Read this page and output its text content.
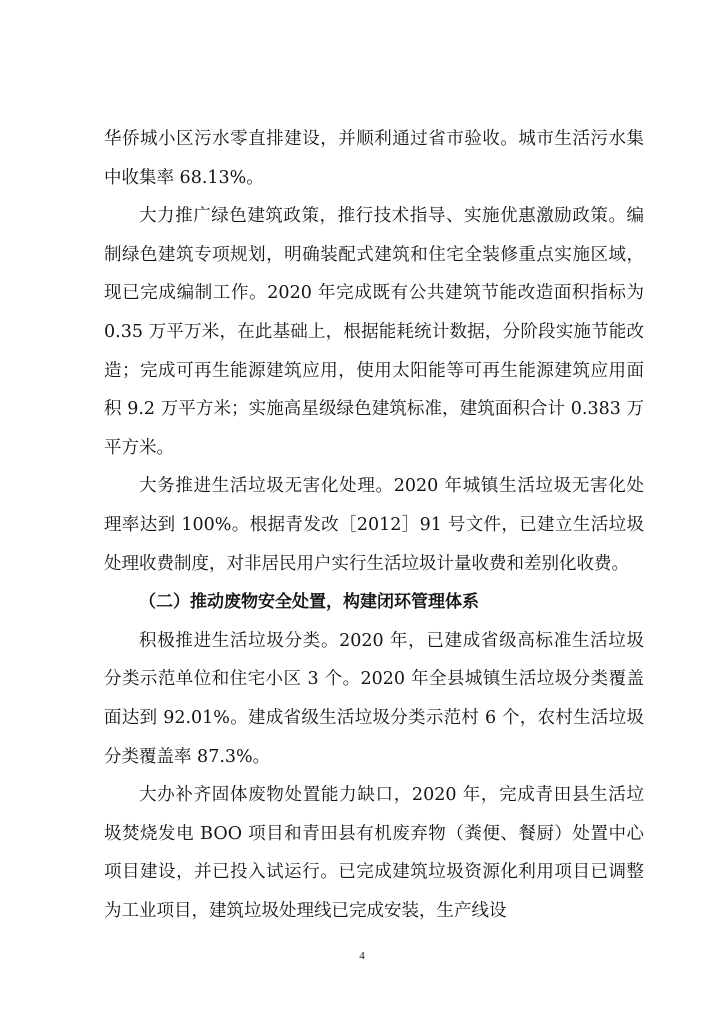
华侨城小区污水零直排建设，并顺利通过省市验收。城市生活污水集中收集率 68.13%。

大力推广绿色建筑政策，推行技术指导、实施优惠激励政策。编制绿色建筑专项规划，明确装配式建筑和住宅全装修重点实施区域，现已完成编制工作。2020 年完成既有公共建筑节能改造面积指标为 0.35 万平万米，在此基础上，根据能耗统计数据，分阶段实施节能改造；完成可再生能源建筑应用，使用太阳能等可再生能源建筑应用面积 9.2 万平方米；实施高星级绿色建筑标准，建筑面积合计 0.383 万平方米。

大务推进生活垃圾无害化处理。2020 年城镇生活垃圾无害化处理率达到 100%。根据青发改［2012］91 号文件，已建立生活垃圾处理收费制度，对非居民用户实行生活垃圾计量收费和差别化收费。

（二）推动废物安全处置，构建闭环管理体系

积极推进生活垃圾分类。2020 年，已建成省级高标准生活垃圾分类示范单位和住宅小区 3 个。2020 年全县城镇生活垃圾分类覆盖面达到 92.01%。建成省级生活垃圾分类示范村 6 个，农村生活垃圾分类覆盖率 87.3%。

大办补齐固体废物处置能力缺口，2020 年，完成青田县生活垃圾焚烧发电 BOO 项目和青田县有机废弃物（粪便、餐厨）处置中心项目建设，并已投入试运行。已完成建筑垃圾资源化利用项目已调整为工业项目，建筑垃圾处理线已完成安装，生产线设

4
